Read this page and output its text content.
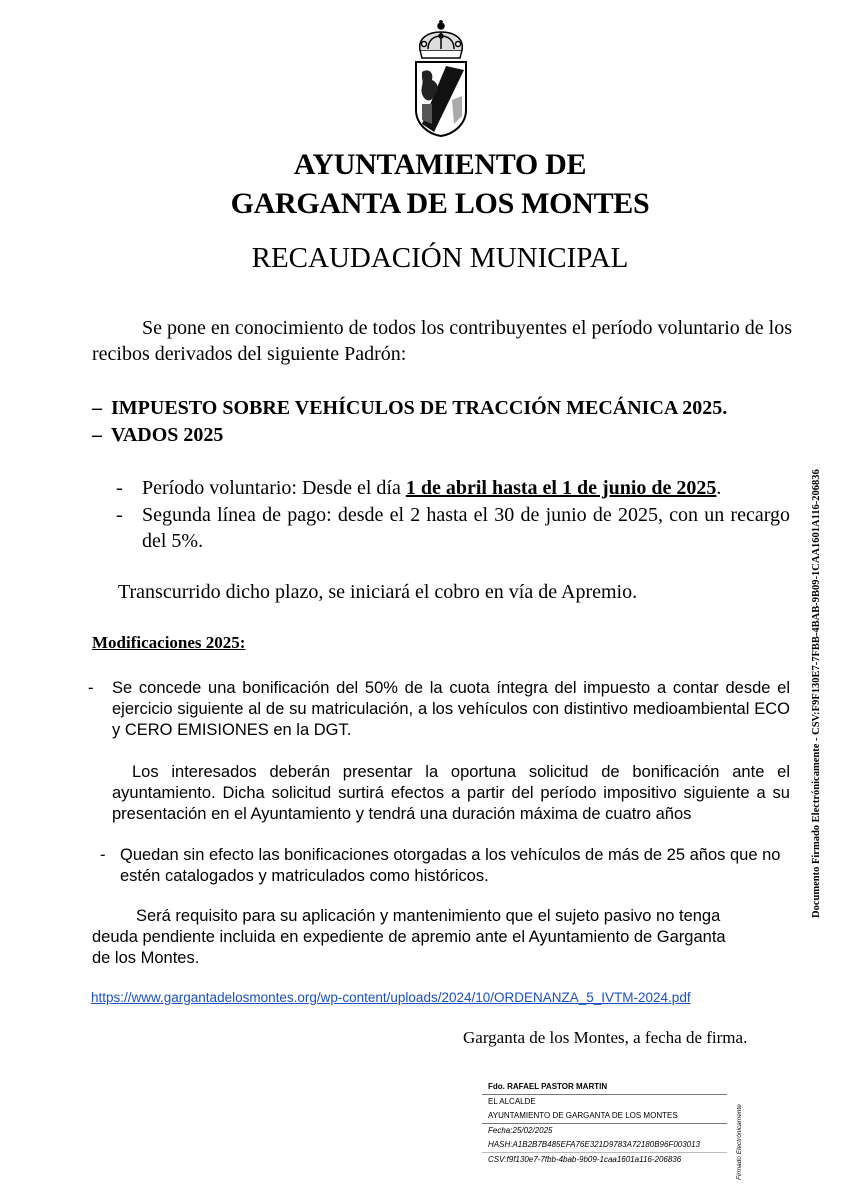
AYUNTAMIENTO DE
GARGANTA DE LOS MONTES
RECAUDACIÓN MUNICIPAL
Se pone en conocimiento de todos los contribuyentes el período voluntario de los recibos derivados del siguiente Padrón:
– IMPUESTO SOBRE VEHÍCULOS DE TRACCIÓN MECÁNICA 2025.
– VADOS 2025
- Período voluntario: Desde el día 1 de abril hasta el 1 de junio de 2025.
- Segunda línea de pago: desde el 2 hasta el 30 de junio de 2025, con un recargo del 5%.
Transcurrido dicho plazo, se iniciará el cobro en vía de Apremio.
Modificaciones 2025:
- Se concede una bonificación del 50% de la cuota íntegra del impuesto a contar desde el ejercicio siguiente al de su matriculación, a los vehículos con distintivo medioambiental ECO y CERO EMISIONES en la DGT.
Los interesados deberán presentar la oportuna solicitud de bonificación ante el ayuntamiento. Dicha solicitud surtirá efectos a partir del período impositivo siguiente a su presentación en el Ayuntamiento y tendrá una duración máxima de cuatro años
- Quedan sin efecto las bonificaciones otorgadas a los vehículos de más de 25 años que no estén catalogados y matriculados como históricos.
Será requisito para su aplicación y mantenimiento que el sujeto pasivo no tenga deuda pendiente incluida en expediente de apremio ante el Ayuntamiento de Garganta de los Montes.
https://www.gargantadelosmontes.org/wp-content/uploads/2024/10/ORDENANZA_5_IVTM-2024.pdf
Garganta de los Montes, a fecha de firma.
Documento Firmado Electrónicamente - CSV:F9F130E7-7FBB-4BAB-9B09-1CAA1601A116-206836
Fdo. RAFAEL PASTOR MARTIN
EL ALCALDE
AYUNTAMIENTO DE GARGANTA DE LOS MONTES
Fecha:25/02/2025
HASH:A1B2B7B485EFA76E321D9783A72180B96F003013
CSV:f9f130e7-7fbb-4bab-9b09-1caa1601a116-206836	Firmado Electrónicamente
